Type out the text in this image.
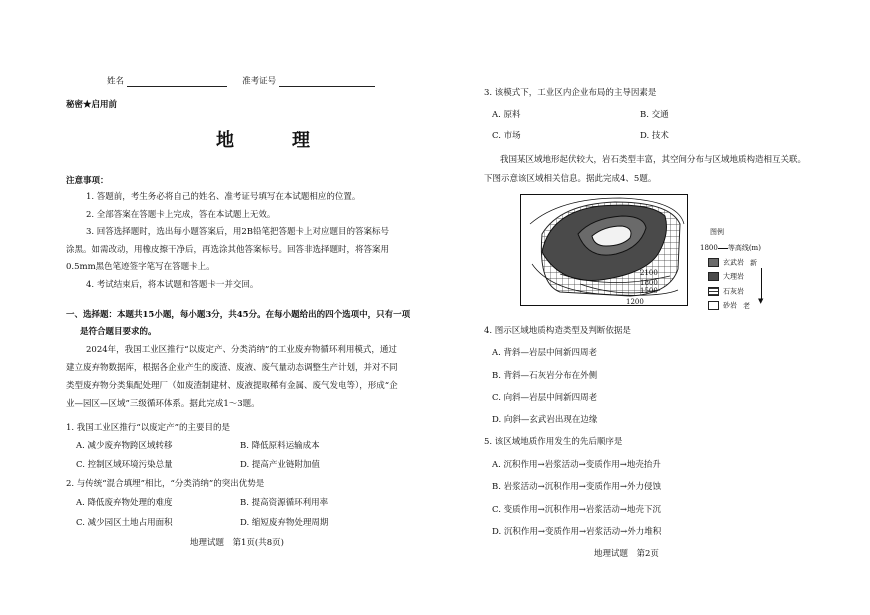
姓名	准考证号
秘密★启用前
地　理
注意事项：
1. 答题前，考生务必将自己的姓名、准考证号填写在本试题相应的位置。
2. 全部答案在答题卡上完成，答在本试题上无效。
3. 回答选择题时，选出每小题答案后，用2B铅笔把答题卡上对应题目的答案标号
涂黑。如需改动，用橡皮擦干净后，再选涂其他答案标号。回答非选择题时，将答案用
0.5mm黑色笔迹签字笔写在答题卡上。
4. 考试结束后，将本试题和答题卡一并交回。
一、选择题：本题共15小题，每小题3分，共45分。在每小题给出的四个选项中，只有一项
是符合题目要求的。
2024年，我国工业区推行“以废定产、分类消纳”的工业废弃物循环利用模式，通过
建立废弃物数据库，根据各企业产生的废渣、废液、废气量动态调整生产计划，并对不同
类型废弃物分类集配处理厂（如废渣制建材、废液提取稀有金属、废气发电等），形成“企
业—园区—区域”三级循环体系。据此完成1～3题。
1. 我国工业区推行“以废定产”的主要目的是
A. 减少废弃物跨区域转移	B. 降低原料运输成本
C. 控制区域环境污染总量	D. 提高产业链附加值
2. 与传统“混合填埋”相比，“分类消纳”的突出优势是
A. 降低废弃物处理的难度	B. 提高资源循环利用率
C. 减少园区土地占用面积	D. 缩短废弃物处理周期
地理试题　第1页(共8页)
3. 该模式下，工业区内企业布局的主导因素是
A. 原料	B. 交通
C. 市场	D. 技术
我国某区域地形起伏较大，岩石类型丰富，其空间分布与区域地质构造相互关联。
下图示意该区域相关信息。据此完成4、5题。
2100
1800
1500
1200
图例
1800 等高线(m)
玄武岩 新
大理岩
石灰岩
砂岩 老
▼
4. 图示区域地质构造类型及判断依据是
A. 背斜—岩层中间新四周老
B. 背斜—石灰岩分布在外侧
C. 向斜—岩层中间新四周老
D. 向斜—玄武岩出现在边缘
5. 该区域地质作用发生的先后顺序是
A. 沉积作用→岩浆活动→变质作用→地壳抬升
B. 岩浆活动→沉积作用→变质作用→外力侵蚀
C. 变质作用→沉积作用→岩浆活动→地壳下沉
D. 沉积作用→变质作用→岩浆活动→外力堆积
地理试题　第2页
